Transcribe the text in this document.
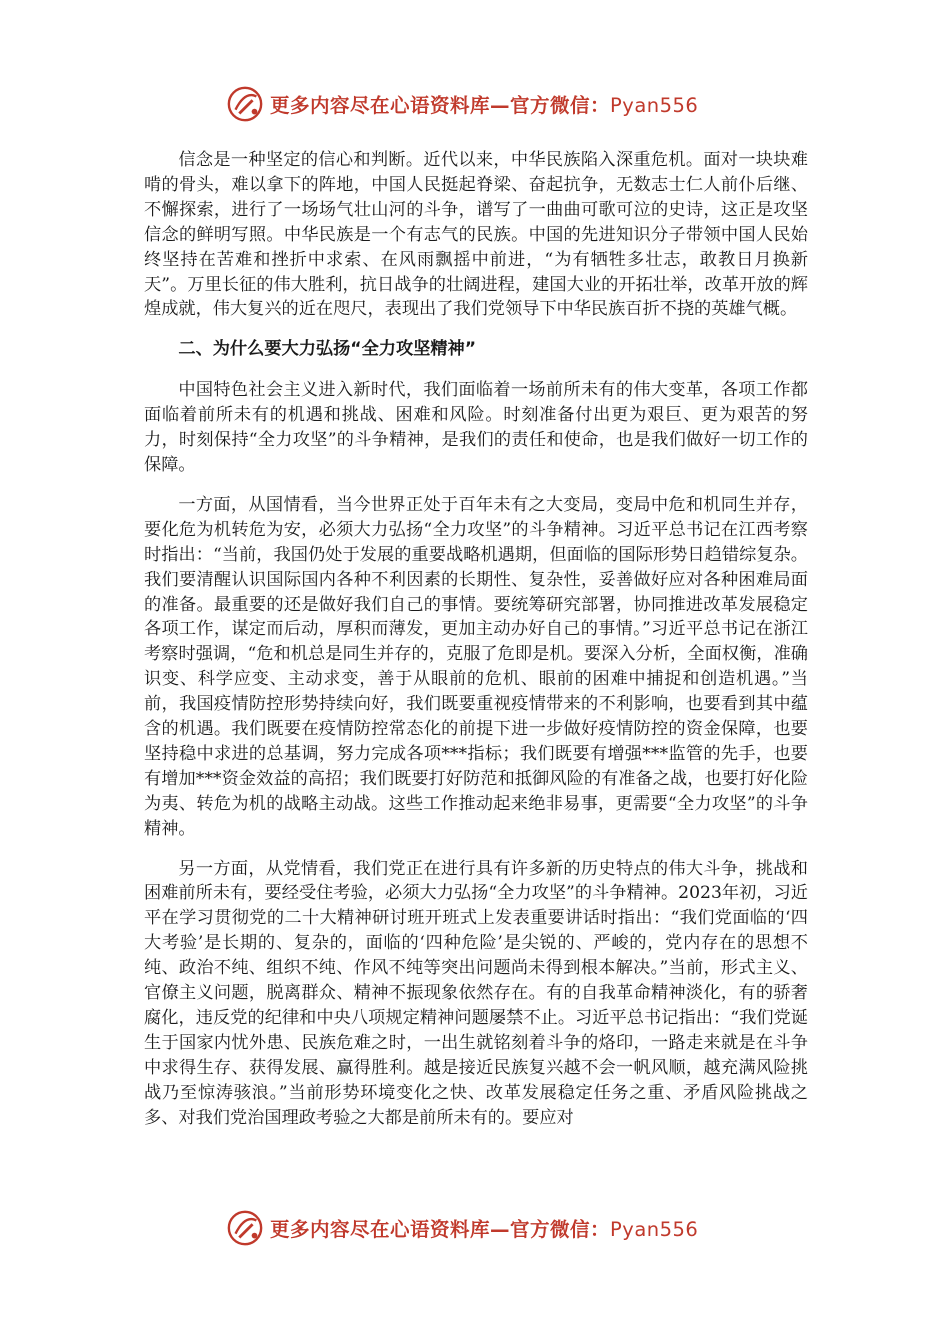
更多内容尽在心语资料库—官方微信：Pyan556

信念是一种坚定的信心和判断。近代以来，中华民族陷入深重危机。面对一块块难啃的骨头，难以拿下的阵地，中国人民挺起脊梁、奋起抗争，无数志士仁人前仆后继、不懈探索，进行了一场场气壮山河的斗争，谱写了一曲曲可歌可泣的史诗，这正是攻坚信念的鲜明写照。中华民族是一个有志气的民族。中国的先进知识分子带领中国人民始终坚持在苦难和挫折中求索、在风雨飘摇中前进，“为有牺牲多壮志，敢教日月换新天”。万里长征的伟大胜利，抗日战争的壮阔进程，建国大业的开拓壮举，改革开放的辉煌成就，伟大复兴的近在咫尺，表现出了我们党领导下中华民族百折不挠的英雄气概。

二、为什么要大力弘扬“全力攻坚精神”

中国特色社会主义进入新时代，我们面临着一场前所未有的伟大变革，各项工作都面临着前所未有的机遇和挑战、困难和风险。时刻准备付出更为艰巨、更为艰苦的努力，时刻保持“全力攻坚”的斗争精神，是我们的责任和使命，也是我们做好一切工作的保障。

一方面，从国情看，当今世界正处于百年未有之大变局，变局中危和机同生并存，要化危为机转危为安，必须大力弘扬“全力攻坚”的斗争精神。习近平总书记在江西考察时指出：“当前，我国仍处于发展的重要战略机遇期，但面临的国际形势日趋错综复杂。我们要清醒认识国际国内各种不利因素的长期性、复杂性，妥善做好应对各种困难局面的准备。最重要的还是做好我们自己的事情。要统筹研究部署，协同推进改革发展稳定各项工作，谋定而后动，厚积而薄发，更加主动办好自己的事情。”习近平总书记在浙江考察时强调，“危和机总是同生并存的，克服了危即是机。要深入分析，全面权衡，准确识变、科学应变、主动求变，善于从眼前的危机、眼前的困难中捕捉和创造机遇。”当前，我国疫情防控形势持续向好，我们既要重视疫情带来的不利影响，也要看到其中蕴含的机遇。我们既要在疫情防控常态化的前提下进一步做好疫情防控的资金保障，也要坚持稳中求进的总基调，努力完成各项***指标；我们既要有增强***监管的先手，也要有增加***资金效益的高招；我们既要打好防范和抵御风险的有准备之战，也要打好化险为夷、转危为机的战略主动战。这些工作推动起来绝非易事，更需要“全力攻坚”的斗争精神。

另一方面，从党情看，我们党正在进行具有许多新的历史特点的伟大斗争，挑战和困难前所未有，要经受住考验，必须大力弘扬“全力攻坚”的斗争精神。2023年初，习近平在学习贯彻党的二十大精神研讨班开班式上发表重要讲话时指出：“我们党面临的‘四大考验’是长期的、复杂的，面临的‘四种危险’是尖锐的、严峻的，党内存在的思想不纯、政治不纯、组织不纯、作风不纯等突出问题尚未得到根本解决。”当前，形式主义、官僚主义问题，脱离群众、精神不振现象依然存在。有的自我革命精神淡化，有的骄奢腐化，违反党的纪律和中央八项规定精神问题屡禁不止。习近平总书记指出：“我们党诞生于国家内忧外患、民族危难之时，一出生就铭刻着斗争的烙印，一路走来就是在斗争中求得生存、获得发展、赢得胜利。越是接近民族复兴越不会一帆风顺，越充满风险挑战乃至惊涛骇浪。”当前形势环境变化之快、改革发展稳定任务之重、矛盾风险挑战之多、对我们党治国理政考验之大都是前所未有的。要应对

更多内容尽在心语资料库—官方微信：Pyan556
